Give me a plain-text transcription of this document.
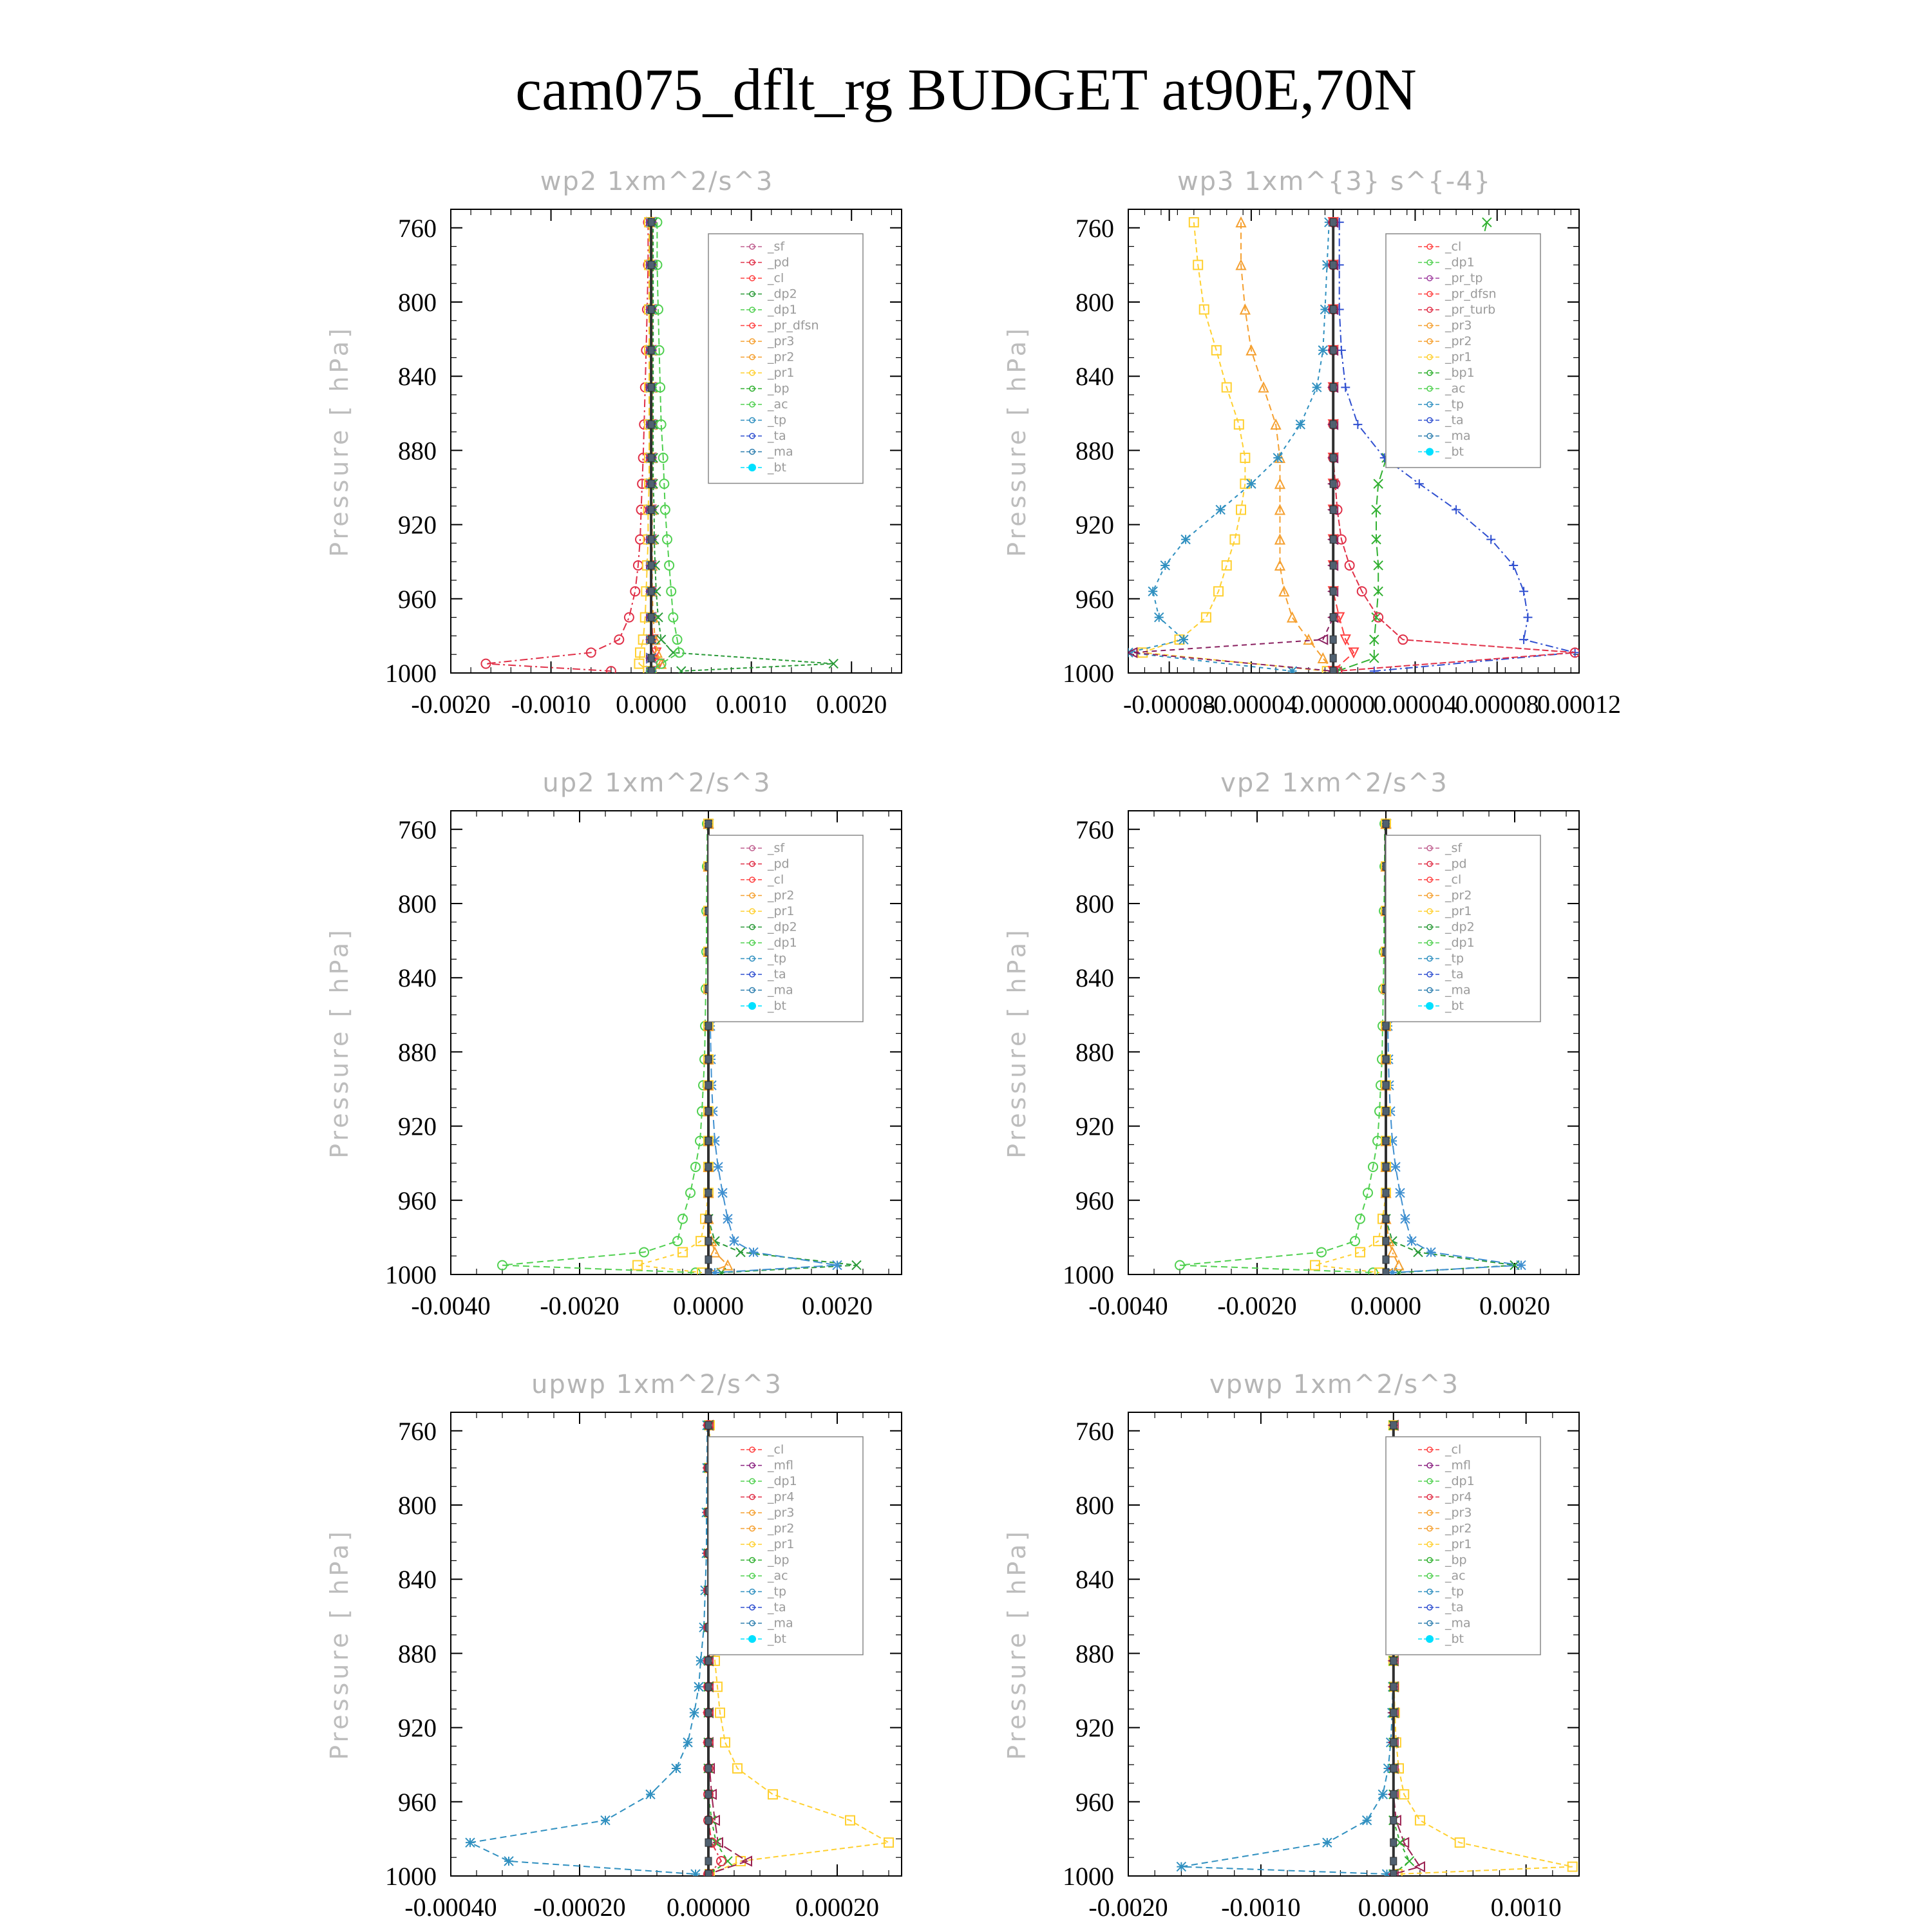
cam075_dflt_rg BUDGET at90E,70N
wp2 1xm^2/s^3
Pressure [ hPa]
760
800
840
880
920
960
1000
-0.0020 -0.0010 0.0000 0.0010 0.0020
_sf
_pd
_cl
_dp2
_dp1
_pr_dfsn
_pr3
_pr2
_pr1
_bp
_ac
_tp
_ta
_ma
_bt
wp3 1xm^{3} s^{-4}
Pressure [ hPa]
760
800
840
880
920
960
1000
-0.00008
-0.00004
0.00000
0.00004
0.00008
0.00012
_cl
_dp1
_pr_tp
_pr_dfsn
_pr_turb
_pr3
_pr2
_pr1
_bp1
_ac
_tp
_ta
_ma
_bt
up2 1xm^2/s^3
Pressure [ hPa]
760
800
840
880
920
960
1000
-0.0040 -0.0020 0.0000 0.0020
_sf
_pd
_cl
_pr2
_pr1
_dp2
_dp1
_tp
_ta
_ma
_bt
vp2 1xm^2/s^3
Pressure [ hPa]
760
800
840
880
920
960
1000
-0.0040 -0.0020 0.0000 0.0020
_sf
_pd
_cl
_pr2
_pr1
_dp2
_dp1
_tp
_ta
_ma
_bt
upwp 1xm^2/s^3
Pressure [ hPa]
760
800
840
880
920
960
1000
-0.00040 -0.00020 0.00000 0.00020
_cl
_mfl
_dp1
_pr4
_pr3
_pr2
_pr1
_bp
_ac
_tp
_ta
_ma
_bt
vpwp 1xm^2/s^3
Pressure [ hPa]
760
800
840
880
920
960
1000
-0.0020 -0.0010 0.0000 0.0010
_cl
_mfl
_dp1
_pr4
_pr3
_pr2
_pr1
_bp
_ac
_tp
_ta
_ma
_bt
